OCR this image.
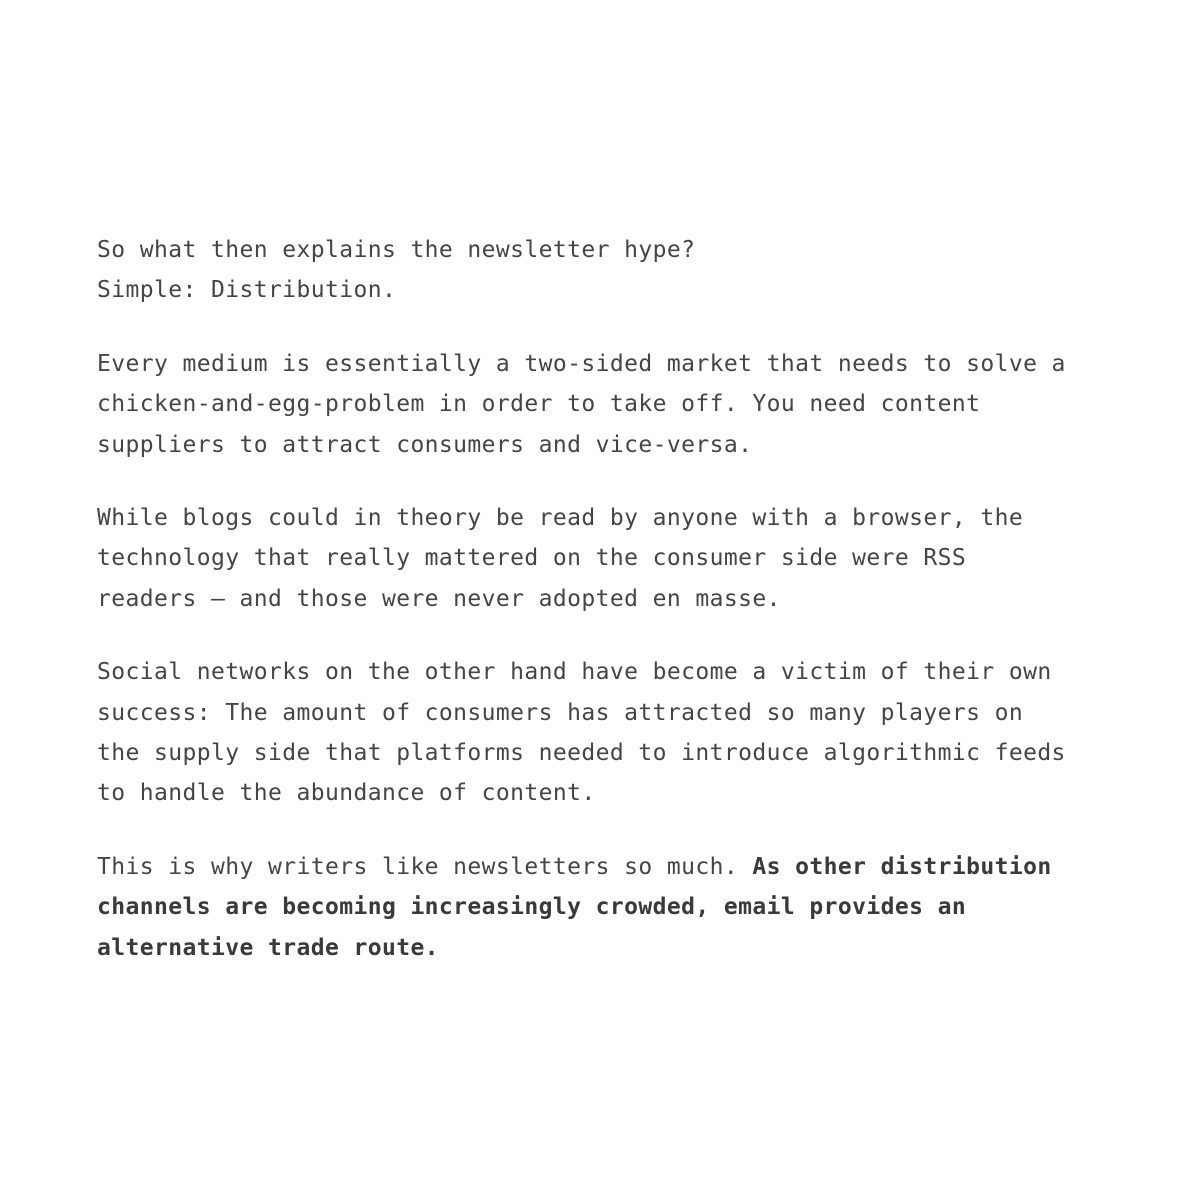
So what then explains the newsletter hype?
Simple: Distribution.

Every medium is essentially a two-sided market that needs to solve a
chicken-and-egg-problem in order to take off. You need content
suppliers to attract consumers and vice-versa.

While blogs could in theory be read by anyone with a browser, the
technology that really mattered on the consumer side were RSS
readers — and those were never adopted en masse.

Social networks on the other hand have become a victim of their own
success: The amount of consumers has attracted so many players on
the supply side that platforms needed to introduce algorithmic feeds
to handle the abundance of content.

This is why writers like newsletters so much. As other distribution
channels are becoming increasingly crowded, email provides an
alternative trade route.
